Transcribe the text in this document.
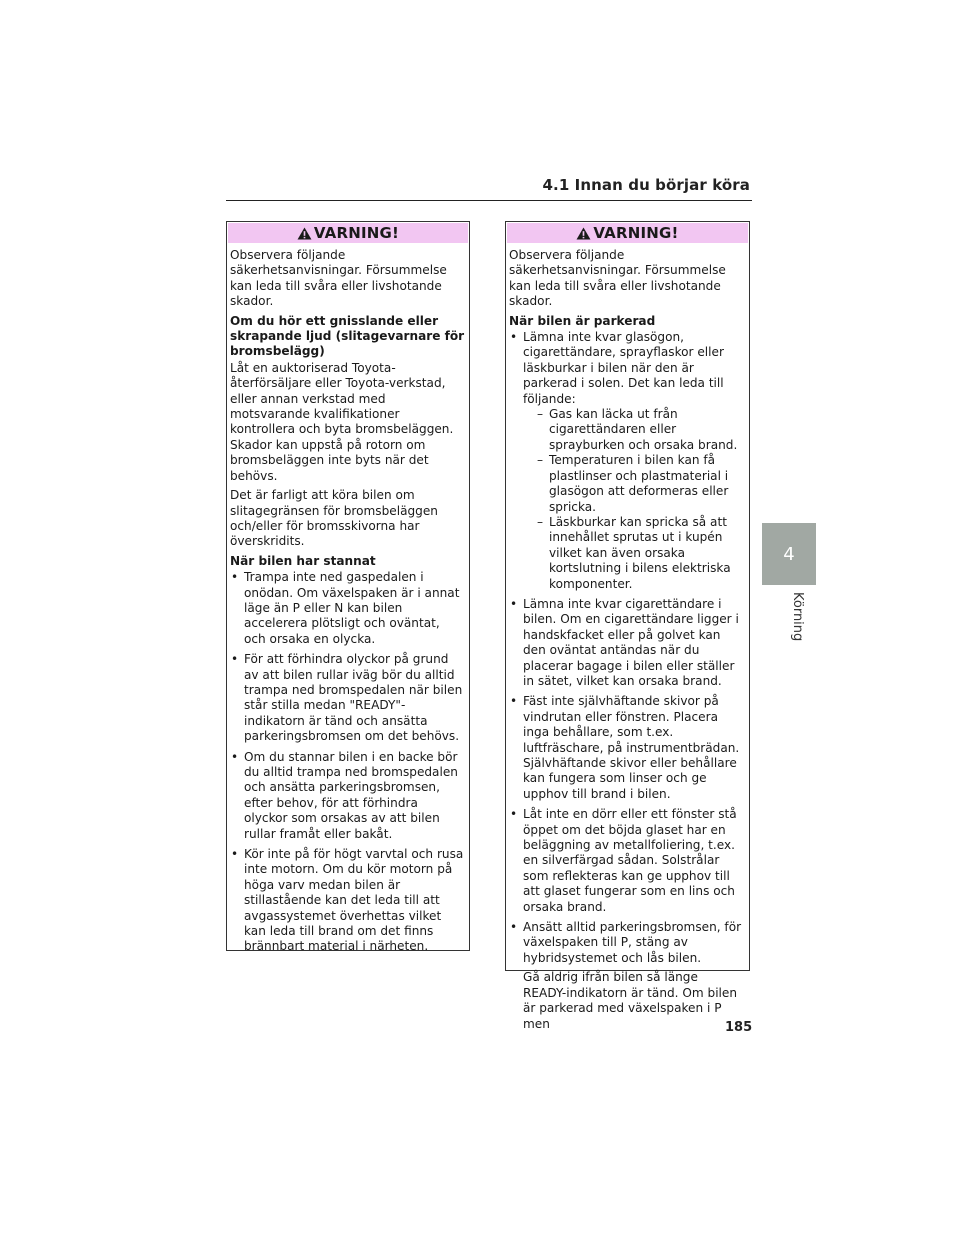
4.1 Innan du börjar köra
4
Körning
VARNING!

Observera följande säkerhetsanvisningar. Försummelse kan leda till svåra eller livshotande skador.

Om du hör ett gnisslande eller skrapande ljud (slitagevarnare för bromsbelägg)

Låt en auktoriserad Toyota-återförsäljare eller Toyota-verkstad, eller annan verkstad med motsvarande kvalifikationer kontrollera och byta bromsbeläggen. Skador kan uppstå på rotorn om bromsbeläggen inte byts när det behövs.

Det är farligt att köra bilen om slitagegränsen för bromsbeläggen och/eller för bromsskivorna har överskridits.

När bilen har stannat

• Trampa inte ned gaspedalen i onödan. Om växelspaken är i annat läge än P eller N kan bilen accelerera plötsligt och oväntat, och orsaka en olycka.
• För att förhindra olyckor på grund av att bilen rullar iväg bör du alltid trampa ned bromspedalen när bilen står stilla medan "READY"-indikatorn är tänd och ansätta parkeringsbromsen om det behövs.
• Om du stannar bilen i en backe bör du alltid trampa ned bromspedalen och ansätta parkeringsbromsen, efter behov, för att förhindra olyckor som orsakas av att bilen rullar framåt eller bakåt.
• Kör inte på för högt varvtal och rusa inte motorn. Om du kör motorn på höga varv medan bilen är stillastående kan det leda till att avgassystemet överhettas vilket kan leda till brand om det finns brännbart material i närheten.
VARNING!

Observera följande säkerhetsanvisningar. Försummelse kan leda till svåra eller livshotande skador.

När bilen är parkerad

• Lämna inte kvar glasögon, cigarettändare, sprayflaskor eller läskburkar i bilen när den är parkerad i solen. Det kan leda till följande:
– Gas kan läcka ut från cigarettändaren eller sprayburken och orsaka brand.
– Temperaturen i bilen kan få plastlinser och plastmaterial i glasögon att deformeras eller spricka.
– Läskburkar kan spricka så att innehållet sprutas ut i kupén vilket kan även orsaka kortslutning i bilens elektriska komponenter.
• Lämna inte kvar cigarettändare i bilen. Om en cigarettändare ligger i handskfacket eller på golvet kan den oväntat antändas när du placerar bagage i bilen eller ställer in sätet, vilket kan orsaka brand.
• Fäst inte självhäftande skivor på vindrutan eller fönstren. Placera inga behållare, som t.ex. luftfräschare, på instrumentbrädan. Självhäftande skivor eller behållare kan fungera som linser och ge upphov till brand i bilen.
• Låt inte en dörr eller ett fönster stå öppet om det böjda glaset har en beläggning av metallfoliering, t.ex. en silverfärgad sådan. Solstrålar som reflekteras kan ge upphov till att glaset fungerar som en lins och orsaka brand.
• Ansätt alltid parkeringsbromsen, för växelspaken till P, stäng av hybridsystemet och lås bilen.
Gå aldrig ifrån bilen så länge READY-indikatorn är tänd. Om bilen är parkerad med växelspaken i P men	185
